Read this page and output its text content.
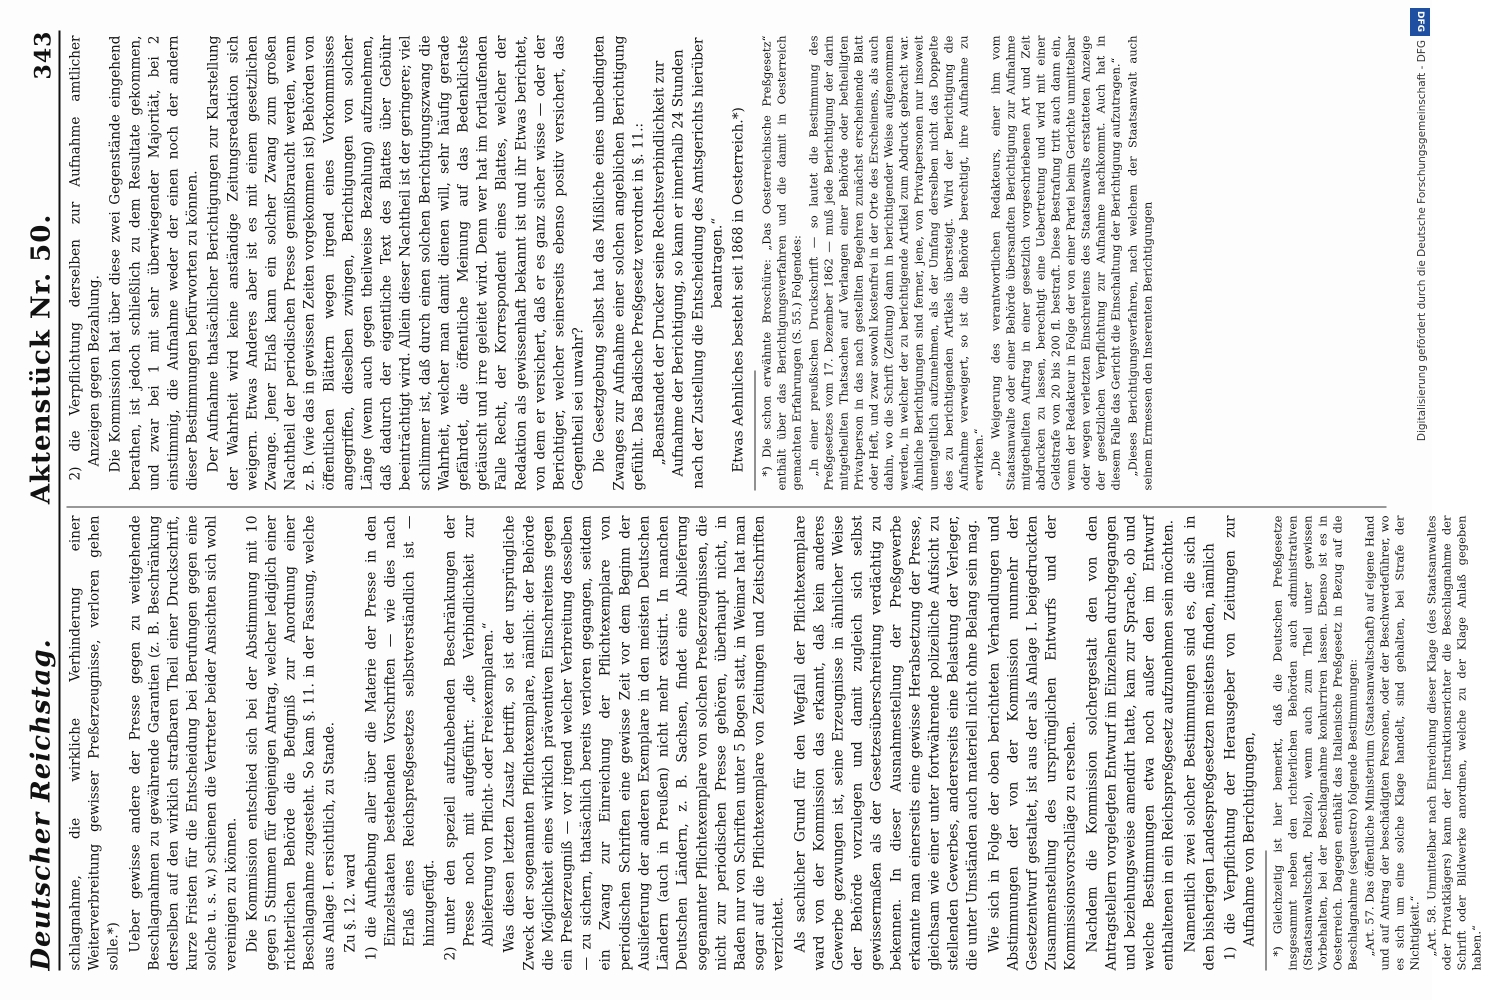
Deutscher Reichstag.
Aktenstück Nr. 50.
343

schlagnahme, die wirkliche Verhinderung einer Weiterverbreitung gewisser Preßerzeugnisse, verloren gehen solle.*) Ueber gewisse andere der Presse gegen zu weitgehende Beschlagnahmen zu gewährende Garantien (z. B. Beschränkung derselben auf den wirklich strafbaren Theil einer Druckschrift, kurze Fristen für die Entscheidung bei Berufungen gegen eine solche u. s. w.) schienen die Vertreter beider Ansichten sich wohl vereinigen zu können. Die Kommission entschied sich bei der Abstimmung mit 10 gegen 5 Stimmen für denjenigen Antrag, welcher lediglich einer richterlichen Behörde die Befugniß zur Anordnung einer Beschlagnahme zugesteht. So kam §. 11. in der Fassung, welche aus Anlage I. ersichtlich, zu Stande. Zu §. 12. ward 1) die Aufhebung aller über die Materie der Presse in den Einzelstaaten bestehenden Vorschriften — wie dies nach Erlaß eines Reichspreßgesetzes selbstverständlich ist — hinzugefügt. 2) unter den speziell aufzuhebenden Beschränkungen der Presse noch mit aufgeführt: „die Verbindlichkeit zur Ablieferung von Pflicht- oder Freiexemplaren.“ Was diesen letzten Zusatz betrifft, so ist der ursprüngliche Zweck der sogenannten Pflichtexemplare, nämlich: der Behörde die Möglichkeit eines wirklich präventiven Einschreitens gegen ein Preßerzeugniß — vor irgend welcher Verbreitung desselben — zu sichern, thatsächlich bereits verloren gegangen, seitdem ein Zwang zur Einreichung der Pflichtexemplare von periodischen Schriften eine gewisse Zeit vor dem Beginn der Auslieferung der anderen Exemplare in den meisten Deutschen Ländern (auch in Preußen) nicht mehr existirt. In manchen Deutschen Ländern, z. B. Sachsen, findet eine Ablieferung sogenannter Pflichtexemplare von solchen Preßerzeugnissen, die nicht zur periodischen Presse gehören, überhaupt nicht, in Baden nur von Schriften unter 5 Bogen statt, in Weimar hat man sogar auf die Pflichtexemplare von Zeitungen und Zeitschriften verzichtet. Als sachlicher Grund für den Wegfall der Pflichtexemplare ward von der Kommission das erkannt, daß kein anderes Gewerbe gezwungen ist, seine Erzeugnisse in ähnlicher Weise der Behörde vorzulegen und damit zugleich sich selbst gewissermaßen als der Gesetzesüberschreitung verdächtig zu bekennen. In dieser Ausnahmestellung der Preßgewerbe erkannte man einerseits eine gewisse Herabsetzung der Presse, gleichsam wie einer unter fortwährende polizeiliche Aufsicht zu stellenden Gewerbes, andererseits eine Belastung der Verleger, die unter Umständen auch materiell nicht ohne Belang sein mag. Wie sich in Folge der oben berichteten Verhandlungen und Abstimmungen der von der Kommission nunmehr der Gesetzentwurf gestaltet, ist aus der als Anlage I. beigedruckten Zusammenstellung des ursprünglichen Entwurfs und der Kommissionsvorschläge zu ersehen. Nachdem die Kommission solchergestalt den von den Antragstellern vorgelegten Entwurf im Einzelnen durchgegangen und beziehungsweise amendirt hatte, kam zur Sprache, ob und welche Bestimmungen etwa noch außer den im Entwurf enthaltenen in ein Reichspreßgesetz aufzunehmen sein möchten. Namentlich zwei solcher Bestimmungen sind es, die sich in den bisherigen Landespreßgesetzen meistens finden, nämlich 1) die Verpflichtung der Herausgeber von Zeitungen zur Aufnahme von Berichtigungen, *) Gleichzeitig ist hier bemerkt, daß die Deutschen Preßgesetze insgesammt neben den richterlichen Behörden auch administrativen (Staatsanwaltschaft, Polizei), wenn auch zum Theil unter gewissen Vorbehalten, bei der Beschlagnahme konkurriren lassen. Ebenso ist es in Oesterreich. Dagegen enthält das Italienische Preßgesetz in Bezug auf die Beschlagnahme (sequestro) folgende Bestimmungen: „Art. 57. Das öffentliche Ministerium (Staatsanwaltschaft) auf eigene Hand und auf Antrag der beschädigten Personen, oder der Beschwerdeführer, wo es sich um eine solche Klage handelt, sind gehalten, bei Strafe der Nichtigkeit.“ „Art. 58. Unmittelbar nach Einreichung dieser Klage (des Staatsanwaltes oder Privatklägers) kann der Instruktionsrichter die Beschlagnahme der Schrift oder Bildwerke anordnen, welche zu der Klage Anlaß gegeben haben.“

2) die Verpflichtung derselben zur Aufnahme amtlicher Anzeigen gegen Bezahlung. Die Kommission hat über diese zwei Gegenstände eingehend berathen, ist jedoch schließlich zu dem Resultate gekommen, und zwar bei 1 mit sehr überwiegender Majorität, bei 2 einstimmig, die Aufnahme weder der einen noch der andern dieser Bestimmungen befürworten zu können. Der Aufnahme thatsächlicher Berichtigungen zur Klarstellung der Wahrheit wird keine anständige Zeitungsredaktion sich weigern. Etwas Anderes aber ist es mit einem gesetzlichen Zwange. Jener Erlaß kann ein solcher Zwang zum großen Nachtheil der periodischen Presse gemißbraucht werden, wenn z. B. (wie das in gewissen Zeiten vorgekommen ist) Behörden von öffentlichen Blättern wegen irgend eines Vorkommnisses angegriffen, dieselben zwingen, Berichtigungen von solcher Länge (wenn auch gegen theilweise Bezahlung) aufzunehmen, daß dadurch der eigentliche Text des Blattes über Gebühr beeinträchtigt wird. Allein dieser Nachtheil ist der geringere; viel schlimmer ist, daß durch einen solchen Berichtigungszwang die Wahrheit, welcher man damit dienen will, sehr häufig gerade gefährdet, die öffentliche Meinung auf das Bedenklichste getäuscht und irre geleitet wird. Denn wer hat im fortlaufenden Falle Recht, der Korrespondent eines Blattes, welcher der Redaktion als gewissenhaft bekannt ist und ihr Etwas berichtet, von dem er versichert, daß er es ganz sicher wisse — oder der Berichtiger, welcher seinerseits ebenso positiv versichert, das Gegentheil sei unwahr? Die Gesetzgebung selbst hat das Mißliche eines unbedingten Zwanges zur Aufnahme einer solchen angeblichen Berichtigung gefühlt. Das Badische Preßgesetz verordnet in §. 11.: „Beanstandet der Drucker seine Rechtsverbindlichkeit zur Aufnahme der Berichtigung, so kann er innerhalb 24 Stunden nach der Zustellung die Entscheidung des Amtsgerichts hierüber beantragen.“ Etwas Aehnliches besteht seit 1868 in Oesterreich.*) *) Die schon erwähnte Broschüre: „Das Oesterreichische Preßgesetz“ enthält über das Berichtigungsverfahren und die damit in Oesterreich gemachten Erfahrungen (S. 55.) Folgendes: „In einer preußischen Druckschrift — so lautet die Bestimmung des Preßgesetzes vom 17. Dezember 1862 — muß jede Berichtigung der darin mitgetheilten Thatsachen auf Verlangen einer Behörde oder betheiligten Privatperson in das nach gestellten Begehren zunächst erscheinende Blatt oder Heft, und zwar sowohl kostenfrei in der Orte des Erscheinens, als auch dahin, wo die Schrift (Zeitung) dann in berichtigender Weise aufgenommen werden, in welcher der zu berichtigende Artikel zum Abdruck gebracht war. Ähnliche Berichtigungen sind ferner, jene, von Privatpersonen nur insoweit unentgeltlich aufzunehmen, als der Umfang derselben nicht das Doppelte des zu berichtigenden Artikels übersteigt. Wird der Berichtigung die Aufnahme verweigert, so ist die Behörde berechtigt, ihre Aufnahme zu erwirken.“ „Die Weigerung des verantwortlichen Redakteurs, einer ihm vom Staatsanwalte oder einer Behörde übersandten Berichtigung zur Aufnahme mitgetheilten Auftrag in einer gesetzlich vorgeschriebenen Art und Zeit abdrucken zu lassen, berechtigt eine Uebertretung und wird mit einer Geldstrafe von 20 bis 200 fl. bestraft. Diese Bestrafung tritt auch dann ein, wenn der Redakteur in Folge der von einer Partei beim Gerichte unmittelbar oder wegen verletzten Einschreitens des Staatsanwalts erstatteten Anzeige der gesetzlichen Verpflichtung zur Aufnahme nachkommt. Auch hat in diesem Falle das Gericht die Einschaltung der Berichtigung aufzutragen.“ „Dieses Berichtigungsverfahren, nach welchem der Staatsanwalt auch seinem Ermessen den Inserenten Berichtigungen

DFG
Digitalisierung gefördert durch die Deutsche Forschungsgemeinschaft - DFG
